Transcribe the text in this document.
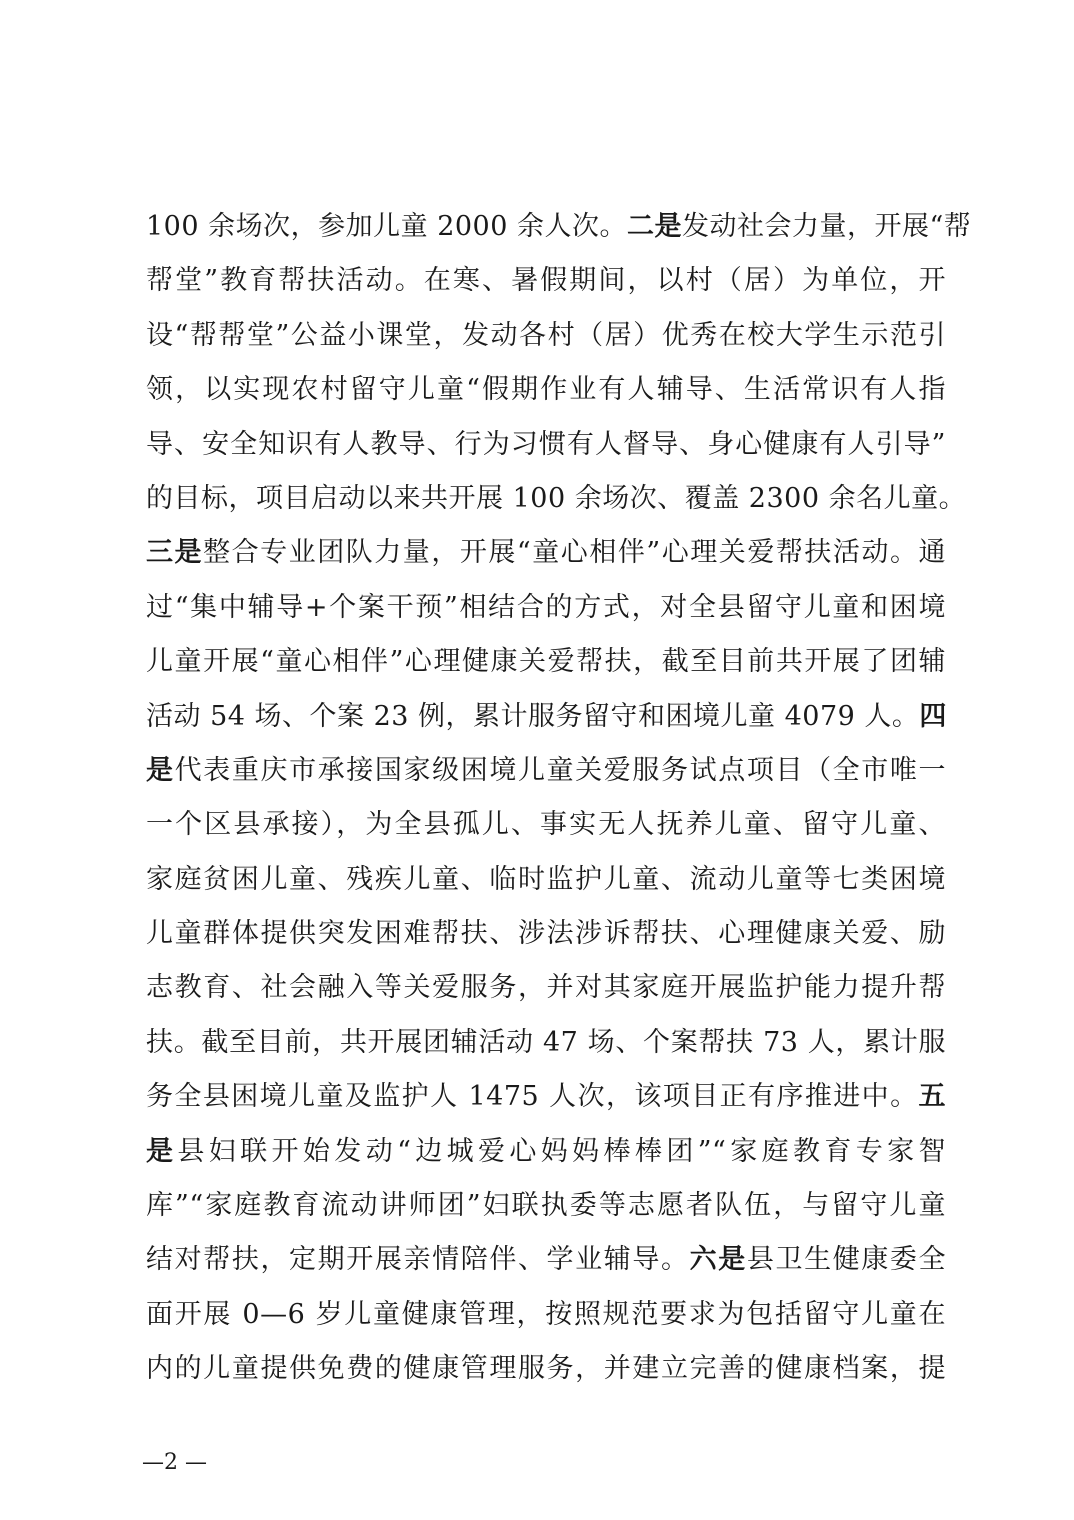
100 余场次，参加儿童 2000 余人次。二是发动社会力量，开展“帮
帮堂”教育帮扶活动。在寒、暑假期间，以村（居）为单位，开
设“帮帮堂”公益小课堂，发动各村（居）优秀在校大学生示范引
领，以实现农村留守儿童“假期作业有人辅导、生活常识有人指
导、安全知识有人教导、行为习惯有人督导、身心健康有人引导”
的目标，项目启动以来共开展 100 余场次、覆盖 2300 余名儿童。
三是整合专业团队力量，开展“童心相伴”心理关爱帮扶活动。通
过“集中辅导+个案干预”相结合的方式，对全县留守儿童和困境
儿童开展“童心相伴”心理健康关爱帮扶，截至目前共开展了团辅
活动 54 场、个案 23 例，累计服务留守和困境儿童 4079 人。四
是代表重庆市承接国家级困境儿童关爱服务试点项目（全市唯一
一个区县承接），为全县孤儿、事实无人抚养儿童、留守儿童、
家庭贫困儿童、残疾儿童、临时监护儿童、流动儿童等七类困境
儿童群体提供突发困难帮扶、涉法涉诉帮扶、心理健康关爱、励
志教育、社会融入等关爱服务，并对其家庭开展监护能力提升帮
扶。截至目前，共开展团辅活动 47 场、个案帮扶 73 人，累计服
务全县困境儿童及监护人 1475 人次，该项目正有序推进中。五
是县妇联开始发动“边城爱心妈妈棒棒团”“家庭教育专家智
库”“家庭教育流动讲师团”妇联执委等志愿者队伍，与留守儿童
结对帮扶，定期开展亲情陪伴、学业辅导。六是县卫生健康委全
面开展 0—6 岁儿童健康管理，按照规范要求为包括留守儿童在
内的儿童提供免费的健康管理服务，并建立完善的健康档案，提
—2 —
